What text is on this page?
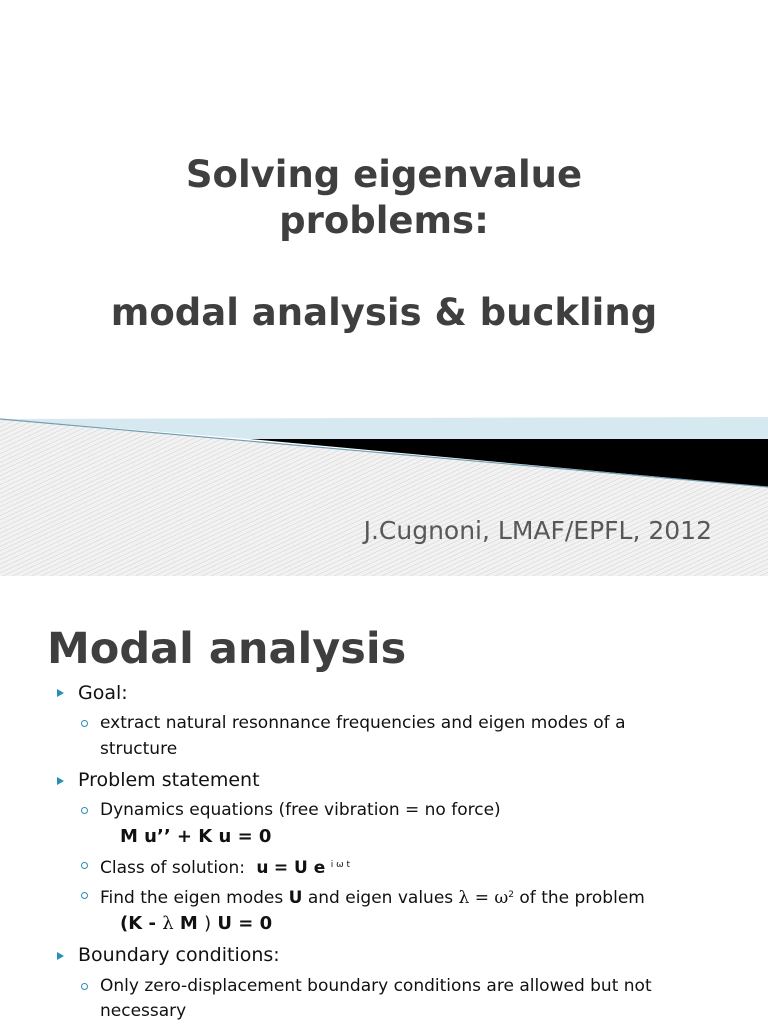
Solving eigenvalue
problems:
modal analysis & buckling
J.Cugnoni, LMAF/EPFL, 2012
Modal analysis
Goal:
extract natural resonnance frequencies and eigen modes of a
structure
Problem statement
Dynamics equations (free vibration = no force)
M u’’ + K u = 0
Class of solution: u = U e $^{i \omega t}$
Find the eigen modes U and eigen values $\lambda = \omega^2$ of the problem
(K - λ M ) U = 0
Boundary conditions:
Only zero-displacement boundary conditions are allowed but not
necessary
